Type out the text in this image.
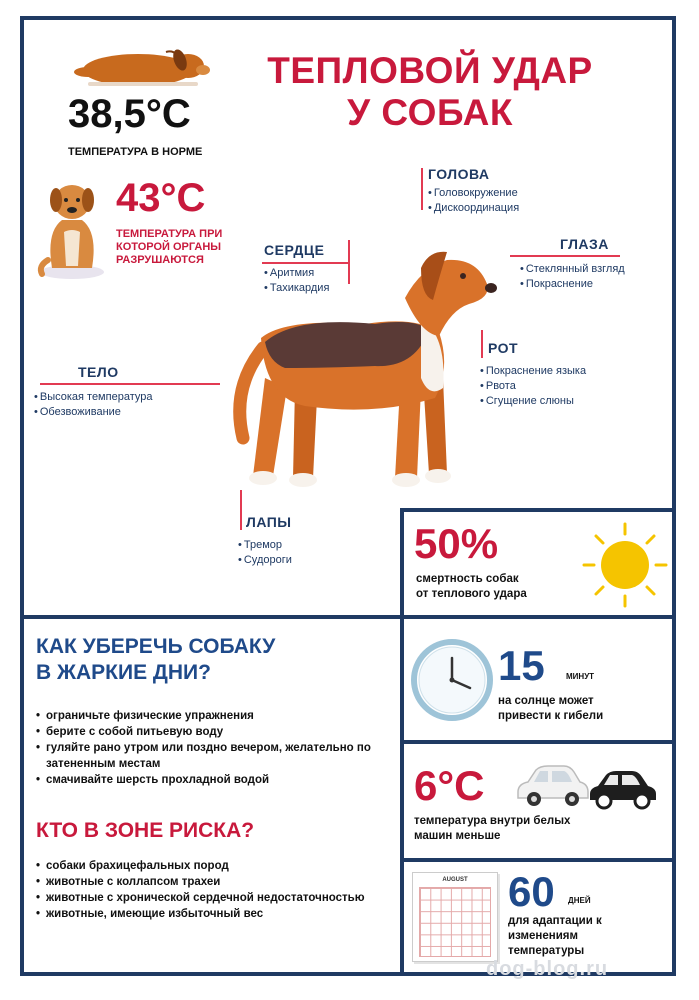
ТЕПЛОВОЙ УДАР
У СОБАК
38,5°C
ТЕМПЕРАТУРА В НОРМЕ
43°C
ТЕМПЕРАТУРА ПРИ
КОТОРОЙ ОРГАНЫ
РАЗРУШАЮТСЯ
ГОЛОВА
• Головокружение
• Дискоординация
ГЛАЗА
• Стеклянный взгляд
• Покраснение
СЕРДЦЕ
• Аритмия
• Тахикардия
РОТ
• Покраснение языка
• Рвота
• Сгущение слюны
ТЕЛО
• Высокая температура
• Обезвоживание
ЛАПЫ
• Тремор
• Судороги	50%
смертность собак
от теплового удара
КАК УБЕРЕЧЬ СОБАКУ
В ЖАРКИЕ ДНИ?
• ограничьте физические упражнения
• берите с собой питьевую воду
• гуляйте рано утром или поздно вечером, желательно по затененным местам
• смачивайте шерсть прохладной водой
КТО В ЗОНЕ РИСКА?
• собаки брахицефальных пород
• животные с коллапсом трахеи
• животные с хронической сердечной недостаточностью
• животные, имеющие избыточный вес
15	МИНУТ
на солнце может
привести к гибели
6°C
температура внутри белых
машин меньше
AUGUST 60 ДНЕЙ
для адаптации к
изменениям
температуры
dog-blog.ru
